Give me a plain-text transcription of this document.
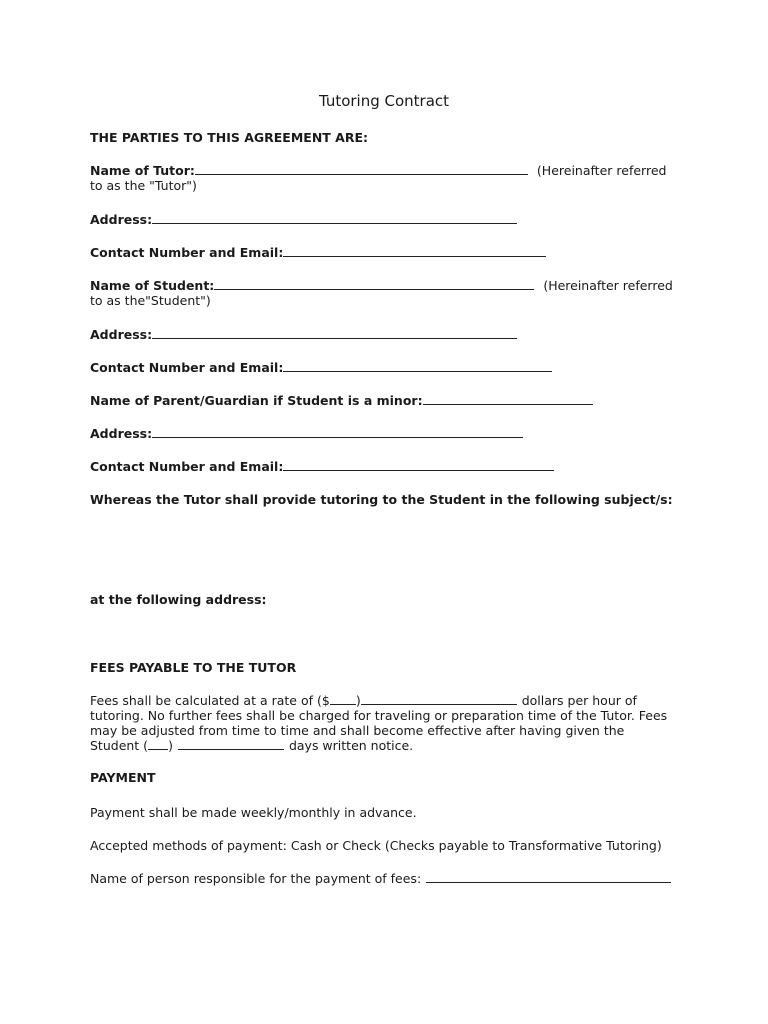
Tutoring Contract
THE PARTIES TO THIS AGREEMENT ARE:
Name of Tutor:	(Hereinafter referred
to as the "Tutor")
Address:
Contact Number and Email:
Name of Student:	(Hereinafter referred
to as the"Student")
Address:
Contact Number and Email:
Name of Parent/Guardian if Student is a minor:
Address:
Contact Number and Email:
Whereas the Tutor shall provide tutoring to the Student in the following subject/s:
at the following address:
FEES PAYABLE TO THE TUTOR
Fees shall be calculated at a rate of ($ )	dollars per hour of
tutoring. No further fees shall be charged for traveling or preparation time of the Tutor. Fees
may be adjusted from time to time and shall become effective after having given the
Student ( )	days written notice.
PAYMENT
Payment shall be made weekly/monthly in advance.
Accepted methods of payment: Cash or Check (Checks payable to Transformative Tutoring)
Name of person responsible for the payment of fees:
